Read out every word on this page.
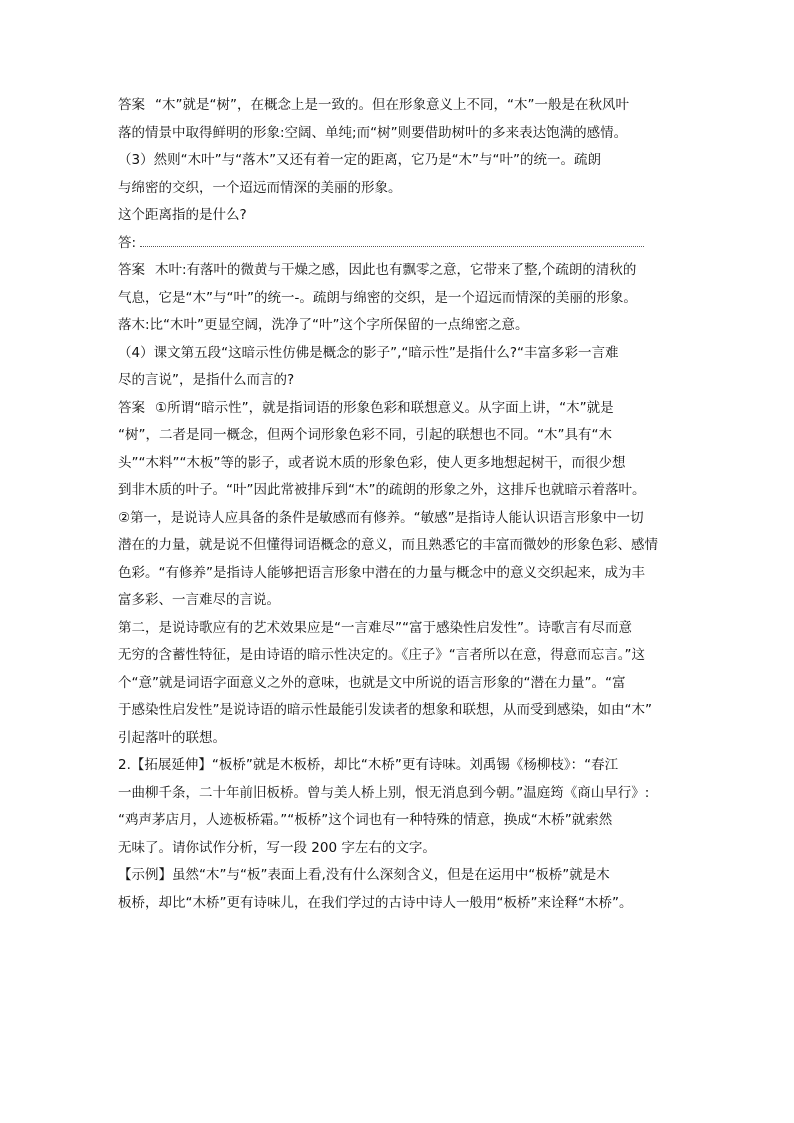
答案 “木”就是“树”，在概念上是一致的。但在形象意义上不同，“木”一般是在秋风叶
落的情景中取得鲜明的形象:空阔、单纯;而“树”则要借助树叶的多来表达饱满的感情。
（3）然则“木叶”与“落木”又还有着一定的距离，它乃是“木”与“叶”的统一。疏朗
与绵密的交织，一个迢远而情深的美丽的形象。
这个距离指的是什么?
答:
答案 木叶:有落叶的微黄与干燥之感，因此也有飘零之意，它带来了整,个疏朗的清秋的
气息，它是“木”与“叶”的统一-。疏朗与绵密的交织，是一个迢远而情深的美丽的形象。
落木:比“木叶”更显空阔，洗净了“叶”这个字所保留的一点绵密之意。
（4）课文第五段“这暗示性仿佛是概念的影子”,“暗示性”是指什么?“丰富多彩一言难
尽的言说”，是指什么而言的?
答案 ①所谓“暗示性”，就是指词语的形象色彩和联想意义。从字面上讲，“木”就是
“树”，二者是同一概念，但两个词形象色彩不同，引起的联想也不同。“木”具有“木
头”“木料”“木板”等的影子，或者说木质的形象色彩，使人更多地想起树干，而很少想
到非木质的叶子。“叶”因此常被排斥到“木”的疏朗的形象之外，这排斥也就暗示着落叶。
②第一，是说诗人应具备的条件是敏感而有修养。“敏感”是指诗人能认识语言形象中一切
潜在的力量，就是说不但懂得词语概念的意义，而且熟悉它的丰富而微妙的形象色彩、感情
色彩。“有修养”是指诗人能够把语言形象中潜在的力量与概念中的意义交织起来，成为丰
富多彩、一言难尽的言说。
第二，是说诗歌应有的艺术效果应是“一言难尽”“富于感染性启发性”。诗歌言有尽而意
无穷的含蓄性特征，是由诗语的暗示性决定的。《庄子》“言者所以在意，得意而忘言。”这
个“意”就是词语字面意义之外的意味，也就是文中所说的语言形象的“潜在力量”。“富
于感染性启发性”是说诗语的暗示性最能引发读者的想象和联想，从而受到感染，如由“木”
引起落叶的联想。
2.【拓展延伸】“板桥”就是木板桥，却比“木桥”更有诗味。刘禹锡《杨柳枝》：“春江
一曲柳千条，二十年前旧板桥。曾与美人桥上别，恨无消息到今朝。”温庭筠《商山早行》:
“鸡声茅店月，人迹板桥霜。”“板桥”这个词也有一种特殊的情意，换成“木桥”就索然
无味了。请你试作分析，写一段 200 字左右的文字。
【示例】虽然“木”与“板”表面上看,没有什么深刻含义，但是在运用中“板桥”就是木
板桥，却比“木桥”更有诗味儿，在我们学过的古诗中诗人一般用“板桥”来诠释“木桥”。
